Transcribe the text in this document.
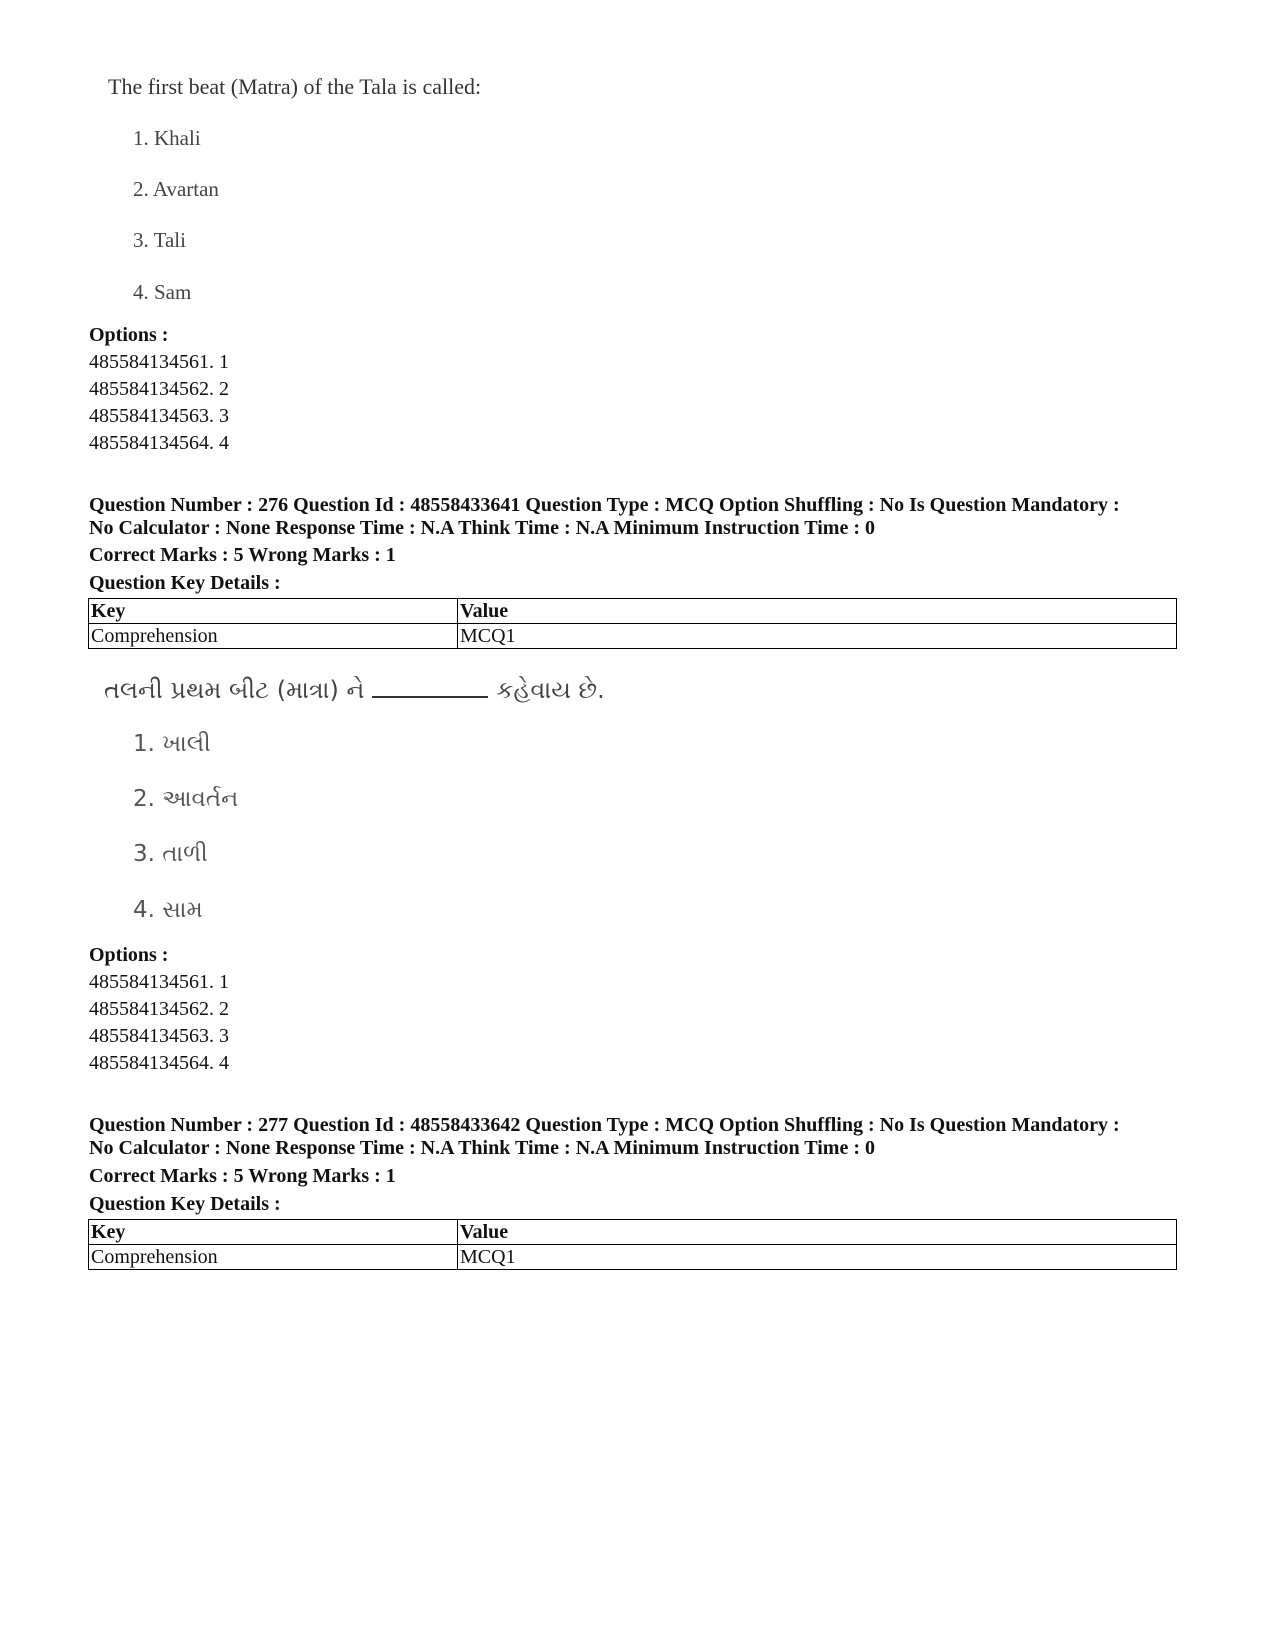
The first beat (Matra) of the Tala is called:
1. Khali
2. Avartan
3. Tali
4. Sam
Options :
485584134561. 1
485584134562. 2
485584134563. 3
485584134564. 4
Question Number : 276 Question Id : 48558433641 Question Type : MCQ Option Shuffling : No Is Question Mandatory :
No Calculator : None Response Time : N.A Think Time : N.A Minimum Instruction Time : 0
Correct Marks : 5 Wrong Marks : 1
Question Key Details :
Key	Value
Comprehension	MCQ1
તલની પ્રથમ બીટ (માત્રા) ને	કહેવાય છે.
1. ખાલી
2. આવર્તન
3. તાળી
4. સામ
Options :
485584134561. 1
485584134562. 2
485584134563. 3
485584134564. 4
Question Number : 277 Question Id : 48558433642 Question Type : MCQ Option Shuffling : No Is Question Mandatory :
No Calculator : None Response Time : N.A Think Time : N.A Minimum Instruction Time : 0
Correct Marks : 5 Wrong Marks : 1
Question Key Details :
Key	Value
Comprehension	MCQ1
